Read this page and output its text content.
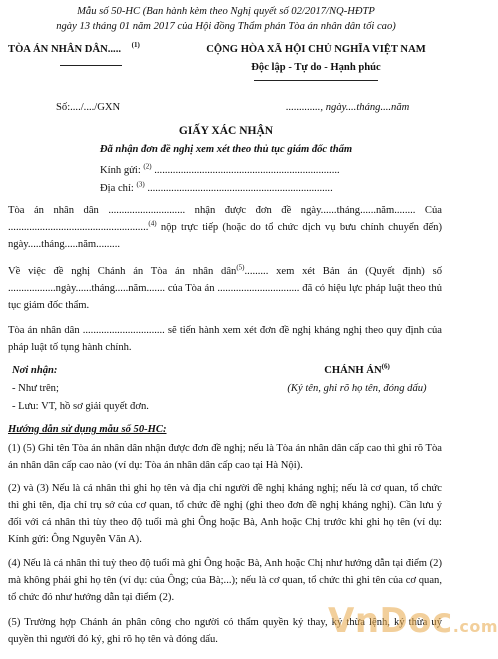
Mẫu số 50-HC (Ban hành kèm theo Nghị quyết số 02/2017/NQ-HĐTP
ngày 13 tháng 01 năm 2017 của Hội đồng Thẩm phán Tòa án nhân dân tối cao)
TÒA ÁN NHÂN DÂN..... $^{(1)}$	CỘNG HÒA XÃ HỘI CHỦ NGHĨA VIỆT NAM
Độc lập - Tự do - Hạnh phúc
Số:..../..../GXN	............., ngày....tháng....năm
GIẤY XÁC NHẬN
Đã nhận đơn đề nghị xem xét theo thủ tục giám đốc thẩm
Kính gửi: $^{(2)}$ ......................................................................
Địa chỉ: $^{(3)}$ ......................................................................
Tòa án nhân dân ............................. nhận được đơn đề ngày......tháng......năm........ Của .....................................................$^{(4)}$ nộp trực tiếp (hoặc do tổ chức dịch vụ bưu chính chuyển đến) ngày.....tháng.....năm.........
Về việc đề nghị Chánh án Tòa án nhân dân$^{(5)}$......... xem xét Bản án (Quyết định) số ..................ngày......tháng.....năm....... của Tòa án ............................... đã có hiệu lực pháp luật theo thủ tục giám đốc thẩm.
Tòa án nhân dân ............................... sẽ tiến hành xem xét đơn đề nghị kháng nghị theo quy định của pháp luật tố tụng hành chính.
Nơi nhận:
- Như trên;
- Lưu: VT, hồ sơ giải quyết đơn.
CHÁNH ÁN$^{(6)}$
(Ký tên, ghi rõ họ tên, đóng dấu)
Hướng dẫn sử dụng mẫu số 50-HC:
(1) (5) Ghi tên Tòa án nhân dân nhận được đơn đề nghị; nếu là Tòa án nhân dân cấp cao thì ghi rõ Tòa án nhân dân cấp cao nào (ví dụ: Tòa án nhân dân cấp cao tại Hà Nội).
(2) và (3) Nếu là cá nhân thì ghi họ tên và địa chỉ người đề nghị kháng nghị; nếu là cơ quan, tổ chức thì ghi tên, địa chỉ trụ sở của cơ quan, tổ chức đề nghị (ghi theo đơn đề nghị kháng nghị). Cần lưu ý đối với cá nhân thì tùy theo độ tuổi mà ghi Ông hoặc Bà, Anh hoặc Chị trước khi ghi họ tên (ví dụ: Kính gửi: Ông Nguyễn Văn A).
(4) Nếu là cá nhân thì tuỳ theo độ tuổi mà ghi Ông hoặc Bà, Anh hoặc Chị như hướng dẫn tại điểm (2) mà không phải ghi họ tên (ví dụ: của Ông; của Bà;...); nếu là cơ quan, tổ chức thì ghi tên của cơ quan, tổ chức đó như hướng dẫn tại điểm (2).
(5) Trường hợp Chánh án phân công cho người có thẩm quyền ký thay, ký thừa lệnh, ký thừa uỷ quyền thì người đó ký, ghi rõ họ tên và đóng dấu.	VnDoc.com
